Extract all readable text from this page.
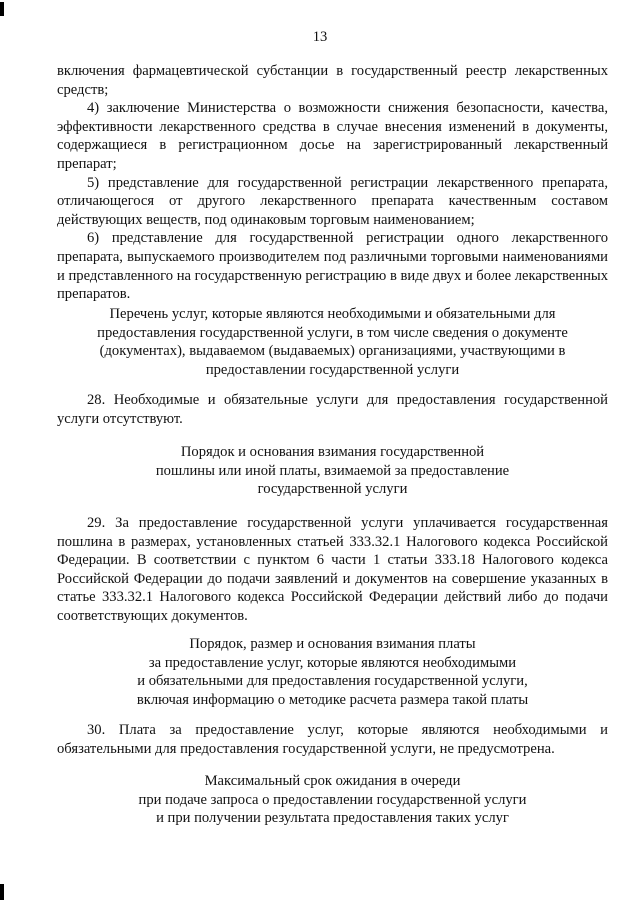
13

включения фармацевтической субстанции в государственный реестр лекарственных средств;

4) заключение Министерства о возможности снижения безопасности, качества, эффективности лекарственного средства в случае внесения изменений в документы, содержащиеся в регистрационном досье на зарегистрированный лекарственный препарат;

5) представление для государственной регистрации лекарственного препарата, отличающегося от другого лекарственного препарата качественным составом действующих веществ, под одинаковым торговым наименованием;

6) представление для государственной регистрации одного лекарственного препарата, выпускаемого производителем под различными торговыми наименованиями и представленного на государственную регистрацию в виде двух и более лекарственных препаратов.

Перечень услуг, которые являются необходимыми и обязательными для
предоставления государственной услуги, в том числе сведения о документе
(документах), выдаваемом (выдаваемых) организациями, участвующими в
предоставлении государственной услуги

28. Необходимые и обязательные услуги для предоставления государственной услуги отсутствуют.

Порядок и основания взимания государственной
пошлины или иной платы, взимаемой за предоставление
государственной услуги

29. За предоставление государственной услуги уплачивается государственная пошлина в размерах, установленных статьей 333.32.1 Налогового кодекса Российской Федерации. В соответствии с пунктом 6 части 1 статьи 333.18 Налогового кодекса Российской Федерации до подачи заявлений и документов на совершение указанных в статье 333.32.1 Налогового кодекса Российской Федерации действий либо до подачи соответствующих документов.

Порядок, размер и основания взимания платы
за предоставление услуг, которые являются необходимыми
и обязательными для предоставления государственной услуги,
включая информацию о методике расчета размера такой платы

30. Плата за предоставление услуг, которые являются необходимыми и обязательными для предоставления государственной услуги, не предусмотрена.

Максимальный срок ожидания в очереди
при подаче запроса о предоставлении государственной услуги
и при получении результата предоставления таких услуг
